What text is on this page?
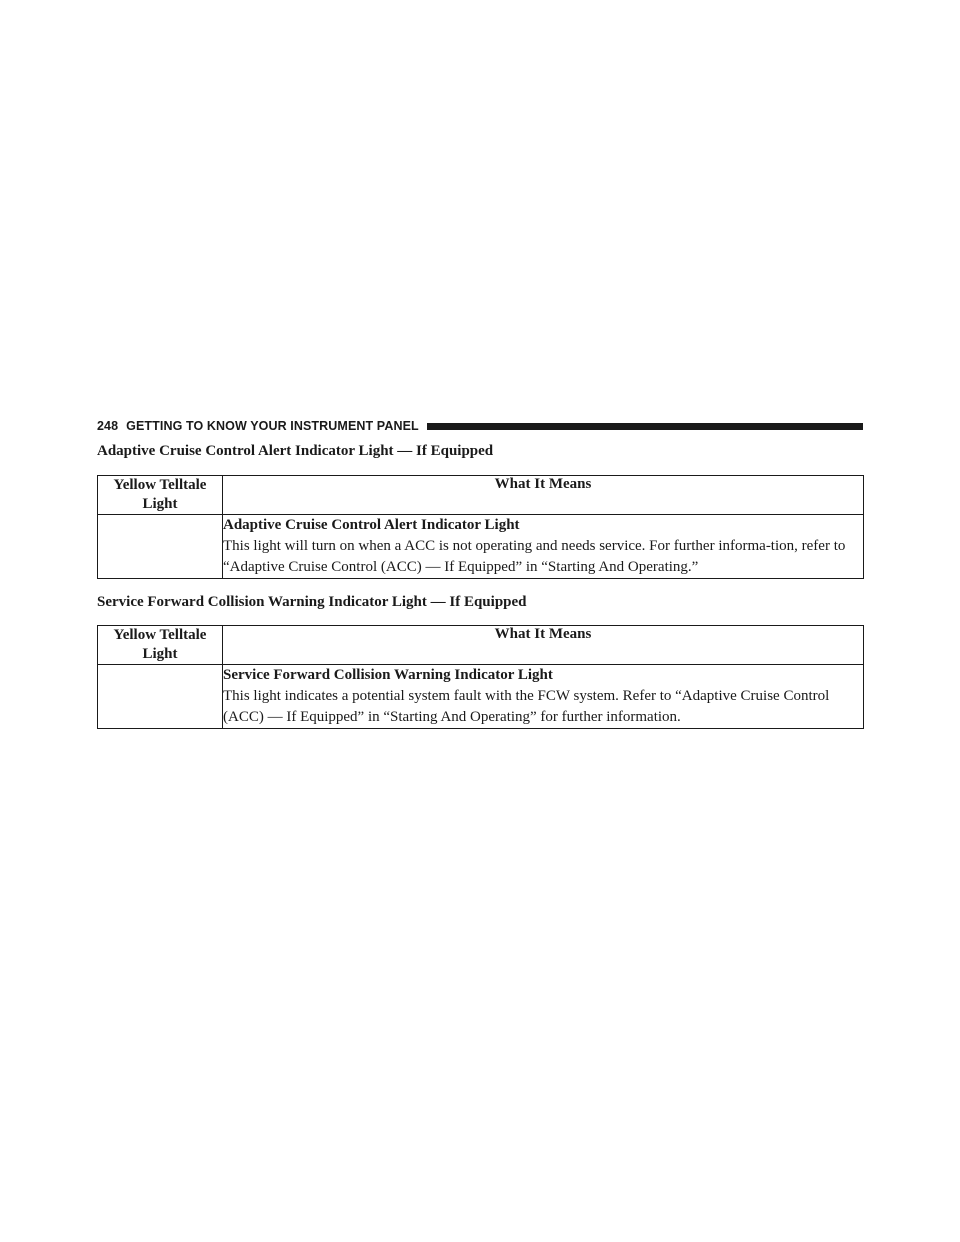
248 GETTING TO KNOW YOUR INSTRUMENT PANEL
Adaptive Cruise Control Alert Indicator Light — If Equipped
Yellow Telltale Light	What It Means

	Adaptive Cruise Control Alert Indicator Light
This light will turn on when a ACC is not operating and needs service. For further informa-tion, refer to “Adaptive Cruise Control (ACC) — If Equipped” in “Starting And Operating.”
Service Forward Collision Warning Indicator Light — If Equipped
Yellow Telltale Light	What It Means

	Service Forward Collision Warning Indicator Light
This light indicates a potential system fault with the FCW system. Refer to “Adaptive Cruise Control (ACC) — If Equipped” in “Starting And Operating” for further information.
